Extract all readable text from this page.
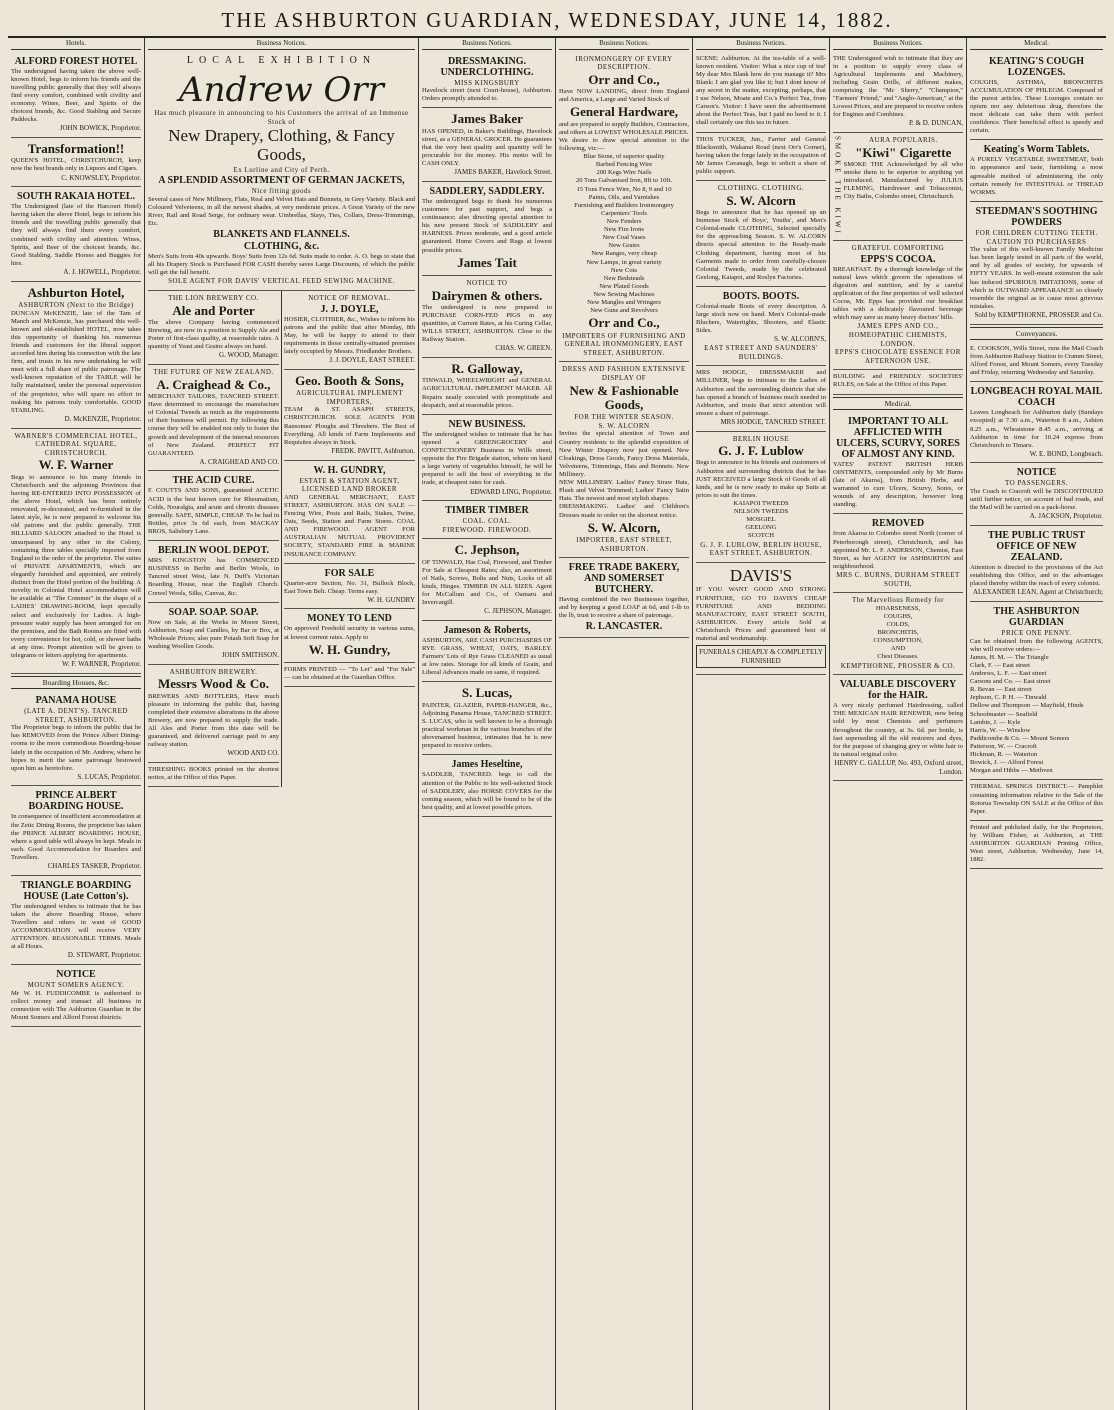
THE ASHBURTON GUARDIAN, WEDNESDAY, JUNE 14, 1882.
Hotels.
ALFORD FOREST HOTEL
The undersigned having taken the above well-known Hotel, begs to inform his friends and the travelling public generally that they will always find every comfort, combined with civility and economy. Wines, Beer, and Spirits of the choicest brands, &c. Good Stabling and Secure Paddocks.
JOHN BOWICK, Proprietor.
Transformation!!
QUEEN'S HOTEL, CHRISTCHURCH, keep now the best brands only in Liquors and Cigars.
C. KNOWSLEY, Proprietor.
SOUTH RAKAIA HOTEL.
The Undersigned (late of the Harcourt Hotel) having taken the above Hotel, begs to inform his friends and the travelling public generally that they will always find there every comfort, combined with civility and attention. Wines, Spirits, and Beer of the choicest brands, &c. Good Stabling. Saddle Horses and Buggies for hire.
A. J. HOWELL, Proprietor.
Ashburton Hotel,
ASHBURTON (Next to the Bridge)
DUNCAN McKENZIE, late of the Tam of Manch and McKenzie, has purchased this well-known and old-established HOTEL, now takes this opportunity of thanking his numerous friends and customers for the liberal support accorded him during his connection with the late firm, and trusts in his new undertaking he will meet with a full share of public patronage. The well-known reputation of the TABLE will be fully maintained, under the personal supervision of the proprietor, who will spare no effort in making his patrons truly comfortable. GOOD STABLING.
D. McKENZIE, Proprietor.
WARNER'S COMMERCIAL HOTEL, CATHEDRAL SQUARE, CHRISTCHURCH.
W. F. Warner
Begs to announce to his many friends in Christchurch and the adjoining Provinces that having RE-ENTERED INTO POSSESSION of the above Hotel, which has been entirely renovated, re-decorated, and re-furnished in the latest style, he is now prepared to welcome his old patrons and the public generally. THE BILLIARD SALOON attached to the Hotel is unsurpassed by any other in the Colony, containing three tables specially imported from England to the order of the proprietor. The suites of PRIVATE APARTMENTS, which are elegantly furnished and appointed, are entirely distinct from the Hotel portion of the building. A novelty in Colonial Hotel accommodation will be available at "The Commer" in the shape of a LADIES' DRAWING-ROOM, kept specially select and exclusively for Ladies. A high-pressure water supply has been arranged for on the premises, and the Bath Rooms are fitted with every convenience for hot, cold, or shower baths at any time. Prompt attention will be given to telegrams or letters applying for apartments.
W. F. WARNER, Proprietor.
Boarding Houses, &c.
PANAMA HOUSE
(LATE A. DENT'S). TANCRED STREET, ASHBURTON.
The Proprietor begs to inform the public that he has REMOVED from the Prince Albert Dining-rooms to the more commodious Boarding-house lately in the occupation of Mr. Andrew, where he hopes to merit the same patronage bestowed upon him as heretofore.
S. LUCAS, Proprietor.
PRINCE ALBERT BOARDING HOUSE.
In consequence of insufficient accommodation at the Zetic Dining Rooms, the proprietor has taken the PRINCE ALBERT BOARDING HOUSE, where a good table will always be kept. Meals in each. Good Accommodation for Boarders and Travellers.
CHARLES TASKER, Proprietor.
TRIANGLE BOARDING HOUSE (Late Cotton's).
The undersigned wishes to intimate that he has taken the above Boarding House, where Travellers and others in want of GOOD ACCOMMODATION will receive VERY ATTENTION. REASONABLE TERMS. Meals at all Hours.
D. STEWART, Proprietor.
NOTICE
MOUNT SOMERS AGENCY.
Mr W. H. FUDDICOMBE is authorised to collect money and transact all business in connection with The Ashburton Guardian in the Mount Somers and Alford Forest districts.
Business Notices.
LOCAL EXHIBITION
Andrew Orr
Has much pleasure in announcing to his Customers the arrival of an Immense Stock of
New Drapery, Clothing, & Fancy Goods,
Ex Lurline and City of Perth.
A SPLENDID ASSORTMENT OF GERMAN JACKETS,
Nice fitting goods
Several cases of New Millinery, Flats, Real and Velvet Hats and Bonnets, in Grey Variety. Black and Coloured Velveteens, in all the newest shades, at very moderate prices. A Great Variety of the new River, Rail and Road Serge, for ordinary wear. Umbrellas, Stays, Ties, Collars, Dress-Trimmings, Etc.
BLANKETS AND FLANNELS.
CLOTHING, &c.
Men's Suits from 40s upwards. Boys' Suits from 12s 6d. Suits made to order. A. O. begs to state that all his Drapery Stock is Purchased FOR CASH thereby saves Large Discounts, of which the public will get the full benefit.
SOLE AGENT FOR DAVIS' VERTICAL FEED SEWING MACHINE.
THE LION BREWERY CO.
Ale and Porter
The above Company having commenced Brewing, are now in a position to Supply Ale and Porter of first-class quality, at reasonable rates. A quantity of Yeast and Grains always on hand.
G. WOOD, Manager.
THE FUTURE OF NEW ZEALAND.
A. Craighead & Co.,
MERCHANT TAILORS, TANCRED STREET. Have determined to encourage the manufacture of Colonial Tweeds as much as the requirements of their business will permit. By following this course they will be enabled not only to foster the growth and development of the internal resources of New Zealand. PERFECT FIT GUARANTEED.
A. CRAIGHEAD AND CO.
THE ACID CURE.
F. COUTTS AND SONS, guaranteed ACETIC ACID is the best known cure for Rheumatism, Colds, Neuralgia, and acute and chronic diseases generally. SAFE, SIMPLE, CHEAP. To be had in Bottles, price 3s 6d each, from MACKAY BROS, Salisbury Lane.
BERLIN WOOL DEPOT.
MRS KINGSTON has COMMENCED BUSINESS in Berlin and Berlin Wools, in Tancred street West, late N. Duff's Victorian Boarding House, near the English Church. Crewel Wools, Silks, Canvas, &c.
SOAP. SOAP. SOAP.
Now on Sale, at the Works in Moore Street, Ashburton, Soap and Candles, by Bar or Box, at Wholesale Prices; also pure Potash Soft Soap for washing Woollen Goods.
JOHN SMITHSON.
ASHBURTON BREWERY.
Messrs Wood & Co.
BREWERS AND BOTTLERS, Have much pleasure in informing the public that, having completed their extensive alterations in the above Brewery, are now prepared to supply the trade. All Ales and Porter from this date will be guaranteed, and delivered carriage paid to any railway station.
WOOD AND CO.
THRESHING BOOKS printed on the shortest notice, at the Office of this Paper.
NOTICE OF REMOVAL.
J. J. DOYLE,
HOSIER, CLOTHIER, &c., Wishes to inform his patrons and the public that after Monday, 8th May, he will be happy to attend to their requirements in those centrally-situated premises lately occupied by Messrs. Friedlander Brothers.
J. J. DOYLE, EAST STREET.
Geo. Booth & Sons,
AGRICULTURAL IMPLEMENT IMPORTERS,
TEAM & ST. ASAPH STREETS, CHRISTCHURCH. SOLE AGENTS FOR Ransomes' Ploughs and Threshers. The Best of Everything. All kinds of Farm Implements and Requisites always in Stock.
FREDK. PAVITT, Ashburton.
W. H. GUNDRY,
ESTATE & STATION AGENT, LICENSED LAND BROKER
AND GENERAL MERCHANT, EAST STREET, ASHBURTON. HAS ON SALE — Fencing Wire, Posts and Rails, Stakes, Twine, Oats, Seeds, Station and Farm Stores. COAL AND FIREWOOD. AGENT FOR AUSTRALIAN MUTUAL PROVIDENT SOCIETY, STANDARD FIRE & MARINE INSURANCE COMPANY.
FOR SALE
Quarter-acre Section, No. 31, Bullock Block, East Town Belt. Cheap. Terms easy.
W. H. GUNDRY
MONEY TO LEND
On approved Freehold security in various sums, at lowest current rates. Apply to
W. H. Gundry,
FORMS PRINTED — "To Let" and "For Sale" — can be obtained at the Guardian Office.
Business Notices.
DRESSMAKING. UNDERCLOTHING.
MISS KINGSBURY
Havelock street (next Court-house), Ashburton. Orders promptly attended to.
James Baker
HAS OPENED, in Baker's Buildings, Havelock street, as a GENERAL GROCER. He guarantees that the very best quality and quantity will be procurable for the money. His motto will be CASH ONLY.
JAMES BAKER, Havelock Street.
SADDLERY, SADDLERY.
The undersigned begs to thank his numerous customers for past support, and begs a continuance; also directing special attention to his new present Stock of SADDLERY and HARNESS. Prices moderate, and a good article guaranteed. Home Covers and Rugs at lowest possible prices.
James Tait
NOTICE TO
Dairymen & others.
The undersigned is now prepared to PURCHASE CORN-FED PIGS in any quantities, at Current Rates, at his Curing Cellar, WILLS STREET, ASHBURTON. Close to the Railway Station.
CHAS. W. GREEN.
R. Galloway,
TINWALD, WHEELWRIGHT and GENERAL AGRICULTURAL IMPLEMENT MAKER. All Repairs neatly executed with promptitude and despatch, and at reasonable prices.
NEW BUSINESS.
The undersigned wishes to intimate that he has opened a GREENGROCERY and CONFECTIONERY Business in Wills street, opposite the Fire Brigade station, where on hand a large variety of vegetables himself, he will be prepared to sell the best of everything in the trade, at cheapest rates for cash.
EDWARD LING, Proprietor.
TIMBER TIMBER
COAL. COAL.
FIREWOOD. FIREWOOD.
C. Jephson,
OF TINWALD, Has Coal, Firewood, and Timber For Sale at Cheapest Rates; also, an assortment of Nails, Screws, Bolts and Nuts, Locks of all kinds, Hinges. TIMBER IN ALL SIZES. Agent for McCallum and Co., of Oamaru and Invercargill.
C. JEPHSON, Manager.
Jameson & Roberts,
ASHBURTON, ARE CASH PURCHASERS OF RYE GRASS, WHEAT, OATS, BARLEY. Farmers' Lots of Rye Grass CLEANED as usual at low rates. Storage for all kinds of Grain, and Liberal Advances made on same, if required.
S. Lucas,
PAINTER, GLAZIER, PAPER-HANGER, &c., Adjoining Panama House, TANCRED STREET. S. LUCAS, who is well known to be a thorough practical workman in the various branches of the abovenamed business, intimates that he is now prepared to receive orders.
James Heseltine,
SADDLER, TANCRED. begs to call the attention of the Public to his well-selected Stock of SADDLERY, also HORSE COVERS for the coming season, which will be found to be of the best quality, and at lowest possible prices.
Business Notices.
IRONMONGERY OF EVERY DESCRIPTION.
Orr and Co.,
Have NOW LANDING, direct from England and America, a Large and Varied Stock of
General Hardware,
and are prepared to supply Builders, Contractors, and others at LOWEST WHOLESALE PRICES.
We desire to draw special attention to the following, viz:—
Blue Stone, of superior quality
Barbed Fencing Wire
200 Kegs Wire Nails
20 Tons Galvanised Iron, 8ft to 10ft.
15 Tons Fence Wire, No 8, 9 and 10
Paints, Oils, and Varnishes
Furnishing and Builders Ironmongery
Carpenters' Tools
New Fenders
New Fire Irons
New Coal Vases
New Grates
New Ranges, very cheap
New Lamps, in great variety
New Cots
New Bedsteads
New Plated Goods
New Sewing Machines
New Mangles and Wringers
New Guns and Revolvers
Orr and Co.,
IMPORTERS OF FURNISHING AND GENERAL IRONMONGERY, EAST STREET, ASHBURTON.
DRESS AND FASHION EXTENSIVE DISPLAY OF
New & Fashionable Goods,
FOR THE WINTER SEASON.
S. W. ALCORN
Invites the special attention of Town and Country residents to the splendid exposition of New Winter Drapery now just opened. New Cloakings, Dress Goods, Fancy Dress Materials, Velveteens, Trimmings, Hats and Bonnets. New Millinery.
NEW MILLINERY. Ladies' Fancy Straw Hats, Plush and Velvet Trimmed; Ladies' Fancy Satin Hats. The newest and most stylish shapes.
DRESSMAKING. Ladies' and Children's Dresses made to order on the shortest notice.
S. W. Alcorn,
IMPORTER, EAST STREET, ASHBURTON.
FREE TRADE BAKERY, AND SOMERSET BUTCHERY.
Having combined the two Businesses together, and by keeping a good LOAF at 6d, and 1-lb to the lb, trust to receive a share of patronage.
R. LANCASTER.
Business Notices.
SCENE: Ashburton. At the tea-table of a well-known resident. Visitor: What a nice cup of tea! My dear Mrs Blank how do you manage it? Mrs Blank: I am glad you like it; but I dont know of any secret in the matter, excepting, perhaps, that I use Nelson, Moate and Co.'s Perfect Tea, from Carson's. Visitor: I have seen the advertisement about the Perfect Teas, but I paid no heed to it. I shall certainly use this tea in future.
THOS TUCKER, Jun., Farrier and General Blacksmith, Wakanui Road (next Orr's Corner), having taken the forge lately in the occupation of Mr James Cavanagh, begs to solicit a share of public support.
CLOTHING. CLOTHING.
S. W. Alcorn
Begs to announce that he has opened up an Immense Stock of Boys', Youths', and Men's Colonial-made CLOTHING, Selected specially for the approaching Season. S. W. ALCORN directs special attention to the Ready-made Clothing department, having most of his Garments made to order from carefully-chosen Colonial Tweeds, made by the celebrated Geelong, Kaiapoi, and Roslyn Factories.
BOOTS. BOOTS.
Colonial-made Boots of every description. A large stock now on hand. Men's Colonial-made Bluchers, Watertights, Shooters, and Elastic Sides.
S. W. ALCORN'S,
EAST STREET AND SAUNDERS' BUILDINGS.
MRS HODGE, DRESSMAKER and MILLINER, begs to intimate to the Ladies of Ashburton and the surrounding districts that she has opened a branch of business much needed in Ashburton, and trusts that strict attention will ensure a share of patronage.
MRS HODGE, TANCRED STREET.
BERLIN HOUSE
G. J. F. Lublow
Begs to announce to his friends and customers of Ashburton and surrounding districts that he has JUST RECEIVED a large Stock of Goods of all kinds, and he is now ready to make up Suits at prices to suit the times.
KAIAPOI TWEEDS
NELSON TWEEDS
MOSGIEL
GEELONG
SCOTCH
G. J. F. LUBLOW, BERLIN HOUSE, EAST STREET, ASHBURTON.
DAVIS'S
IF YOU WANT GOOD AND STRONG FURNITURE, GO TO DAVIS'S CHEAP FURNITURE AND BEDDING MANUFACTORY, EAST STREET SOUTH, ASHBURTON. Every article Sold at Christchurch Prices and guaranteed best of material and workmanship.
FUNERALS CHEAPLY & COMPLETELY FURNISHED
Business Notices.
THE Undersigned wish to intimate that they are in a position to supply every class of Agricultural Implements and Machinery, including Grain Drills, of different makes, comprising the "Mc Sherry," "Champion," "Farmers' Friend," and "Anglo-American," at the Lowest Prices, and are prepared to receive orders for Engines and Combines.
P. & D. DUNCAN,
SMOKE THE KIWI	AURA POPULARIS.
"Kiwi" Cigarette
SMOKE THE Acknowledged by all who smoke them to be superior to anything yet introduced. Manufactured by JULIUS FLEMING, Hairdresser and Tobacconist, City Baths, Colombo street, Christchurch.
GRATEFUL COMFORTING
EPPS'S COCOA.
BREAKFAST. By a thorough knowledge of the natural laws which govern the operations of digestion and nutrition, and by a careful application of the fine properties of well selected Cocoa, Mr. Epps has provided our breakfast tables with a delicately flavoured beverage which may save us many heavy doctors' bills.
JAMES EPPS AND CO., HOMEOPATHIC CHEMISTS, LONDON.
EPPS'S CHOCOLATE ESSENCE FOR AFTERNOON USE.
BUILDING and FRIENDLY SOCIETIES' RULES, on Sale at the Office of this Paper.
Medical.
IMPORTANT TO ALL AFFLICTED WITH ULCERS, SCURVY, SORES OF ALMOST ANY KIND.
YATES' PATENT BRITISH HERB OINTMENTS, compounded only by Mr Burns (late of Akaroa), from British Herbs, and warranted to cure Ulcers, Scurvy, Sores, or wounds of any description, however long standing.
REMOVED
from Akaroa to Colombo street North (corner of Peterborough street), Christchurch, and has appointed Mr. L. F. ANDERSON, Chemist, East Street, as her AGENT for ASHBURTON and neighbourhood.
MRS C. BURNS, DURHAM STREET SOUTH,
The Marvellous Remedy for
HOARSENESS,
COUGHS,
COLDS,
BRONCHITIS,
CONSUMPTION,
AND
Chest Diseases.
KEMPTHORNE, PROSSER & CO.
VALUABLE DISCOVERY for the HAIR.
A very nicely perfumed Hairdressing, called THE MEXICAN HAIR RENEWER, now being sold by most Chemists and perfumers throughout the country, at 3s. 6d. per bottle, is fast superseding all the old restorers and dyes, for the purpose of changing grey or white hair to its natural original color.
HENRY C. GALLUP, No. 493, Oxford street, London.
Medical.
KEATING'S COUGH LOZENGES.
COUGHS, ASTHMA, BRONCHITIS ACCUMULATION OF PHLEGM. Composed of the purest articles. These Lozenges contain no opium nor any deleterious drug, therefore the most delicate can take them with perfect confidence. Their beneficial effect is speedy and certain.
Keating's Worm Tablets.
A PURELY VEGETABLE SWEETMEAT, both in appearance and taste, furnishing a most agreeable method of administering the only certain remedy for INTESTINAL or THREAD WORMS.
STEEDMAN'S SOOTHING POWDERS
FOR CHILDREN CUTTING TEETH.
CAUTION TO PURCHASERS
The value of this well-known Family Medicine has been largely tested in all parts of the world, and by all grades of society, for upwards of FIFTY YEARS. In well-meant extension the sale has induced SPURIOUS IMITATIONS, some of which in OUTWARD APPEARANCE so closely resemble the original as to cause most grievous mistakes.
Sold by KEMPTHORNE, PROSSER and Co.
Conveyances.
E. COOKSON, Wills Street, runs the Mail Coach from Ashburton Railway Station to Cramm Street, Alford Forest, and Mount Somers, every Tuesday and Friday, returning Wednesday and Saturday.
LONGBEACH ROYAL MAIL COACH
Leaves Longbeach for Ashburton daily (Sundays excepted) at 7.30 a.m., Waterton 8 a.m., Ashton 8.25 a.m., Wheatstone 8.45 a.m., arriving at Ashburton in time for 10.24 express from Christchurch to Timaru.
W. E. BOND, Longbeach.
NOTICE
TO PASSENGERS.
The Coach to Cracroft will be DISCONTINUED until further notice, on account of bad roads, and the Mail will be carried on a pack-horse.
A. JACKSON, Proprietor.
THE PUBLIC TRUST OFFICE OF NEW ZEALAND.
Attention is directed to the provisions of the Act establishing this Office, and to the advantages placed thereby within the reach of every colonist.
ALEXANDER LEAN, Agent at Christchurch;
THE ASHBURTON GUARDIAN
PRICE ONE PENNY.
Can be obtained from the following AGENTS, who will receive orders:—
James, H. M. — The Triangle
Clark, F. — East street
Andrews, L. F. — East street
Carsons and Co. — East street
R. Bevan — East street
Jephson, C. P. H. — Tinwald
Dellow and Thompson — Mayfield, Hinds
Schoolmaster — Seafield
Lambie, J. — Kyle
Harris, W. — Winslow
Paddicombe & Co. — Mount Somers
Patterson, W. — Cracroft
Hickman, R. — Waterton
Bowick, J. — Alford Forest
Morgan and Hibbs — Methven
THERMAL SPRINGS DISTRICT.— Pamphlet containing information relative to the Sale of the Rotorua Township ON SALE at the Office of this Paper.
Printed and published daily, for the Proprietors, by William Fisher, at Ashburton, at THE ASHBURTON GUARDIAN Printing Office, West street, Ashburton. Wednesday, June 14, 1882.
